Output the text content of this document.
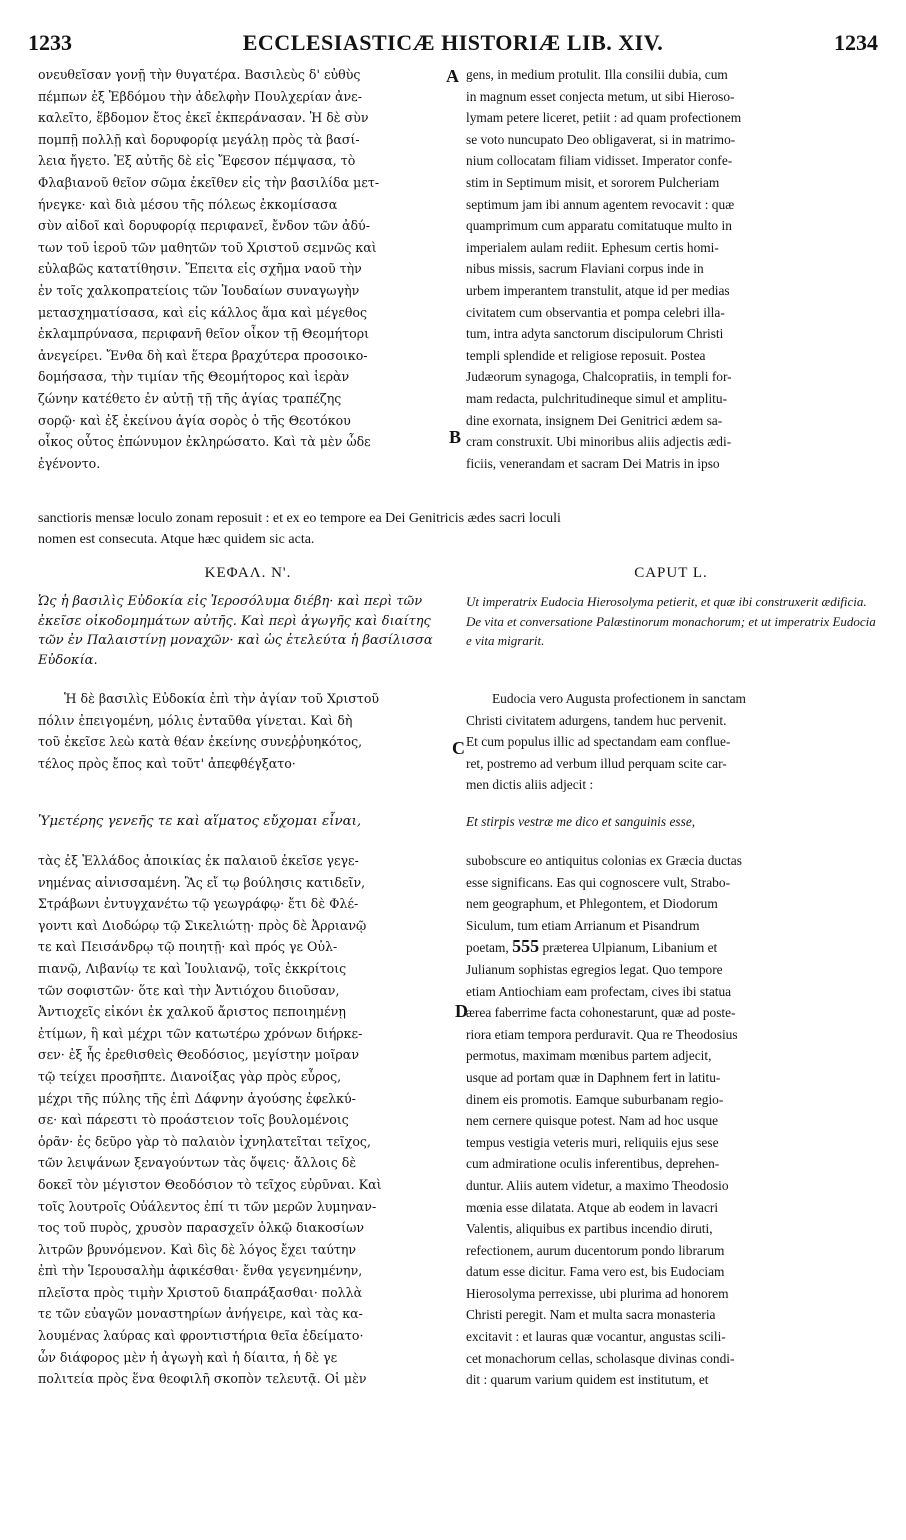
1233	ECCLESIASTICÆ HISTORIÆ LIB. XIV.	1234
A
B
C
D
ονευθεῖσαν γονῇ τὴν θυγατέρα. Βασιλεὺς δ' εὐθὺς
πέμπων ἐξ Ἑβδόμου τὴν ἀδελφὴν Πουλχερίαν ἀνε-
καλεῖτο, ἕβδομον ἔτος ἐκεῖ ἐκπεράνασαν. Ἡ δὲ σὺν
πομπῇ πολλῇ καὶ δορυφορίᾳ μεγάλῃ πρὸς τὰ βασί-
λεια ἤγετο. Ἐξ αὐτῆς δὲ εἰς Ἔφεσον πέμψασα, τὸ
Φλαβιανοῦ θεῖον σῶμα ἐκεῖθεν εἰς τὴν βασιλίδα μετ-
ήνεγκε· καὶ διὰ μέσου τῆς πόλεως ἐκκομίσασα
σὺν αἰδοῖ καὶ δορυφορίᾳ περιφανεῖ, ἔνδον τῶν ἀδύ-
των τοῦ ἱεροῦ τῶν μαθητῶν τοῦ Χριστοῦ σεμνῶς καὶ
εὐλαβῶς κατατίθησιν. Ἔπειτα εἰς σχῆμα ναοῦ τὴν
ἐν τοῖς χαλκοπρατείοις τῶν Ἰουδαίων συναγωγὴν
μετασχηματίσασα, καὶ εἰς κάλλος ἅμα καὶ μέγεθος
ἐκλαμπρύνασα, περιφανῆ θεῖον οἶκον τῇ Θεομήτορι
ἀνεγείρει. Ἔνθα δὴ καὶ ἕτερα βραχύτερα προσοικο-
δομήσασα, τὴν τιμίαν τῆς Θεομήτορος καὶ ἱερὰν
ζώνην κατέθετο ἐν αὐτῇ τῇ τῆς ἁγίας τραπέζης
σορῷ· καὶ ἐξ ἐκείνου ἁγία σορὸς ὁ τῆς Θεοτόκου
οἶκος οὗτος ἐπώνυμον ἐκληρώσατο. Καὶ τὰ μὲν ὧδε
ἐγένοντο.
gens, in medium protulit. Illa consilii dubia, cum
in magnum esset conjecta metum, ut sibi Hieroso-
lymam petere liceret, petiit : ad quam profectionem
se voto nuncupato Deo obligaverat, si in matrimo-
nium collocatam filiam vidisset. Imperator confe-
stim in Septimum misit, et sororem Pulcheriam
septimum jam ibi annum agentem revocavit : quæ
quamprimum cum apparatu comitatuque multo in
imperialem aulam rediit. Ephesum certis homi-
nibus missis, sacrum Flaviani corpus inde in
urbem imperantem transtulit, atque id per medias
civitatem cum observantia et pompa celebri illa-
tum, intra adyta sanctorum discipulorum Christi
templi splendide et religiose reposuit. Postea
Judæorum synagoga, Chalcopratiis, in templi for-
mam redacta, pulchritudineque simul et amplitu-
dine exornata, insignem Dei Genitrici ædem sa-
cram construxit. Ubi minoribus aliis adjectis ædi-
ficiis, venerandam et sacram Dei Matris in ipso
sanctioris mensæ loculo zonam reposuit : et ex eo tempore ea Dei Genitricis ædes sacri loculi
nomen est consecuta. Atque hæc quidem sic acta.
ΚΕΦΑΛ. Ν'.	CAPUT L.
Ὡς ἡ βασιλὶς Εὐδοκία εἰς Ἱεροσόλυμα διέβη· καὶ περὶ τῶν ἐκεῖσε οἰκοδομημάτων αὐτῆς. Καὶ περὶ ἀγωγῆς καὶ διαίτης τῶν ἐν Παλαιστίνῃ μοναχῶν· καὶ ὡς ἐτελεύτα ἡ βασίλισσα Εὐδοκία.
Ut imperatrix Eudocia Hierosolyma petierit, et quæ ibi construxerit ædificia. De vita et conversatione Palæstinorum monachorum; et ut imperatrix Eudocia e vita migrarit.
Ἡ δὲ βασιλὶς Εὐδοκία ἐπὶ τὴν ἁγίαν τοῦ Χριστοῦ
πόλιν ἐπειγομένη, μόλις ἐνταῦθα γίνεται. Καὶ δὴ
τοῦ ἐκεῖσε λεὼ κατὰ θέαν ἐκείνης συνεῤῥυηκότος,
τέλος πρὸς ἔπος καὶ τοῦτ' ἀπεφθέγξατο·
Eudocia vero Augusta profectionem in sanctam
Christi civitatem adurgens, tandem huc pervenit.
Et cum populus illic ad spectandam eam conflue-
ret, postremo ad verbum illud perquam scite car-
men dictis aliis adjecit :
Ὑμετέρης γενεῆς τε καὶ αἵματος εὔχομαι εἶναι,	Et stirpis vestræ me dico et sanguinis esse,
τὰς ἐξ Ἑλλάδος ἀποικίας ἐκ παλαιοῦ ἐκεῖσε γεγε-
νημένας αἰνισσαμένη. Ἃς εἴ τῳ βούλησις κατιδεῖν,
Στράβωνι ἐντυγχανέτω τῷ γεωγράφῳ· ἔτι δὲ Φλέ-
γοντι καὶ Διοδώρῳ τῷ Σικελιώτῃ· πρὸς δὲ Ἀρριανῷ
τε καὶ Πεισάνδρῳ τῷ ποιητῇ· καὶ πρός γε Οὐλ-
πιανῷ, Λιβανίῳ τε καὶ Ἰουλιανῷ, τοῖς ἐκκρίτοις
τῶν σοφιστῶν· ὅτε καὶ τὴν Ἀντιόχου διιοῦσαν,
Ἀντιοχεῖς εἰκόνι ἐκ χαλκοῦ ἄριστος πεποιημένῃ
ἐτίμων, ἣ καὶ μέχρι τῶν κατωτέρω χρόνων διήρκε-
σεν· ἐξ ἧς ἐρεθισθεὶς Θεοδόσιος, μεγίστην μοῖραν
τῷ τείχει προσῆπτε. Διανοίξας γὰρ πρὸς εὖρος,
μέχρι τῆς πύλης τῆς ἐπὶ Δάφνην ἀγούσης ἐφελκύ-
σε· καὶ πάρεστι τὸ προάστειον τοῖς βουλομένοις
ὁρᾶν· ἐς δεῦρο γὰρ τὸ παλαιὸν ἰχνηλατεῖται τεῖχος,
τῶν λειψάνων ξεναγούντων τὰς ὄψεις· ἄλλοις δὲ
δοκεῖ τὸν μέγιστον Θεοδόσιον τὸ τεῖχος εὐρῦναι. Καὶ
τοῖς λουτροῖς Οὐάλεντος ἐπί τι τῶν μερῶν λυμηναν-
τος τοῦ πυρὸς, χρυσὸν παρασχεῖν ὁλκῷ διακοσίων
λιτρῶν βρυνόμενον. Καὶ δὶς δὲ λόγος ἔχει ταύτην
ἐπὶ τὴν Ἱερουσαλὴμ ἀφικέσθαι· ἔνθα γεγενημένην,
πλεῖστα πρὸς τιμὴν Χριστοῦ διαπράξασθαι· πολλὰ
τε τῶν εὐαγῶν μοναστηρίων ἀνήγειρε, καὶ τὰς κα-
λουμένας λαύρας καὶ φροντιστήρια θεῖα ἐδείματο·
ὧν διάφορος μὲν ἡ ἀγωγὴ καὶ ἡ δίαιτα, ἡ δὲ γε
πολιτεία πρὸς ἕνα θεοφιλῆ σκοπὸν τελευτᾷ. Οἱ μὲν
subobscure eo antiquitus colonias ex Græcia ductas
esse significans. Eas qui cognoscere vult, Strabo-
nem geographum, et Phlegontem, et Diodorum
Siculum, tum etiam Arrianum et Pisandrum
poetam, 555 præterea Ulpianum, Libanium et
Julianum sophistas egregios legat. Quo tempore
etiam Antiochiam eam profectam, cives ibi statua
ærea faberrime facta cohonestarunt, quæ ad poste-
riora etiam tempora perduravit. Qua re Theodosius
permotus, maximam mœnibus partem adjecit,
usque ad portam quæ in Daphnem fert in latitu-
dinem eis promotis. Eamque suburbanam regio-
nem cernere quisque potest. Nam ad hoc usque
tempus vestigia veteris muri, reliquiis ejus sese
cum admiratione oculis inferentibus, deprehen-
duntur. Aliis autem videtur, a maximo Theodosio
mœnia esse dilatata. Atque ab eodem in lavacri
Valentis, aliquibus ex partibus incendio diruti,
refectionem, aurum ducentorum pondo librarum
datum esse dicitur. Fama vero est, bis Eudociam
Hierosolyma perrexisse, ubi plurima ad honorem
Christi peregit. Nam et multa sacra monasteria
excitavit : et lauras quæ vocantur, angustas scili-
cet monachorum cellas, scholasque divinas condi-
dit : quarum varium quidem est institutum, et
